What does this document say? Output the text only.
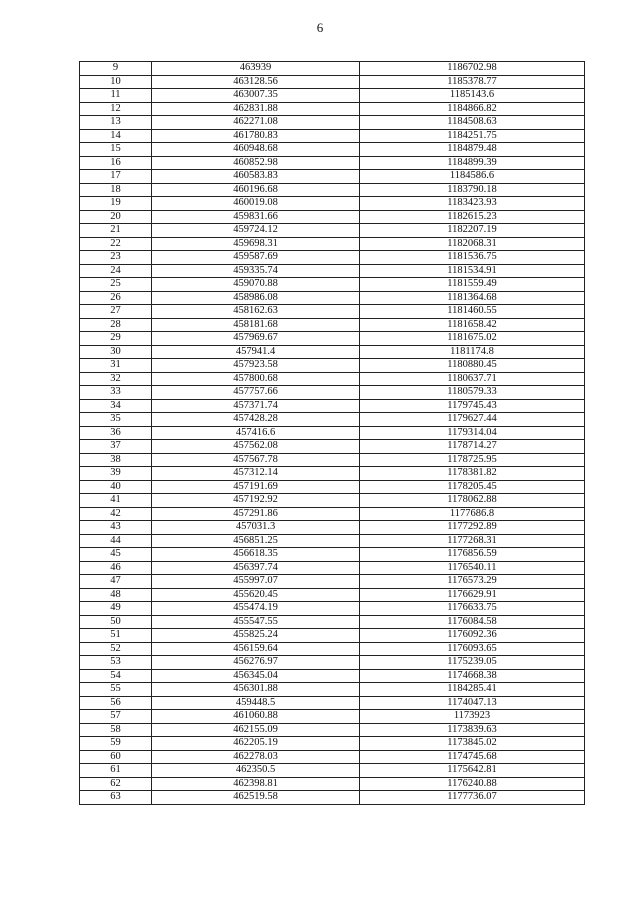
6
9	463939	1186702.98
10	463128.56	1185378.77
11	463007.35	1185143.6
12	462831.88	1184866.82
13	462271.08	1184508.63
14	461780.83	1184251.75
15	460948.68	1184879.48
16	460852.98	1184899.39
17	460583.83	1184586.6
18	460196.68	1183790.18
19	460019.08	1183423.93
20	459831.66	1182615.23
21	459724.12	1182207.19
22	459698.31	1182068.31
23	459587.69	1181536.75
24	459335.74	1181534.91
25	459070.88	1181559.49
26	458986.08	1181364.68
27	458162.63	1181460.55
28	458181.68	1181658.42
29	457969.67	1181675.02
30	457941.4	1181174.8
31	457923.58	1180880.45
32	457800.68	1180637.71
33	457757.66	1180579.33
34	457371.74	1179745.43
35	457428.28	1179627.44
36	457416.6	1179314.04
37	457562.08	1178714.27
38	457567.78	1178725.95
39	457312.14	1178381.82
40	457191.69	1178205.45
41	457192.92	1178062.88
42	457291.86	1177686.8
43	457031.3	1177292.89
44	456851.25	1177268.31
45	456618.35	1176856.59
46	456397.74	1176540.11
47	455997.07	1176573.29
48	455620.45	1176629.91
49	455474.19	1176633.75
50	455547.55	1176084.58
51	455825.24	1176092.36
52	456159.64	1176093.65
53	456276.97	1175239.05
54	456345.04	1174668.38
55	456301.88	1184285.41
56	459448.5	1174047.13
57	461060.88	1173923
58	462155.09	1173839.63
59	462205.19	1173845.02
60	462278.03	1174745.68
61	462350.5	1175642.81
62	462398.81	1176240.88
63	462519.58	1177736.07
